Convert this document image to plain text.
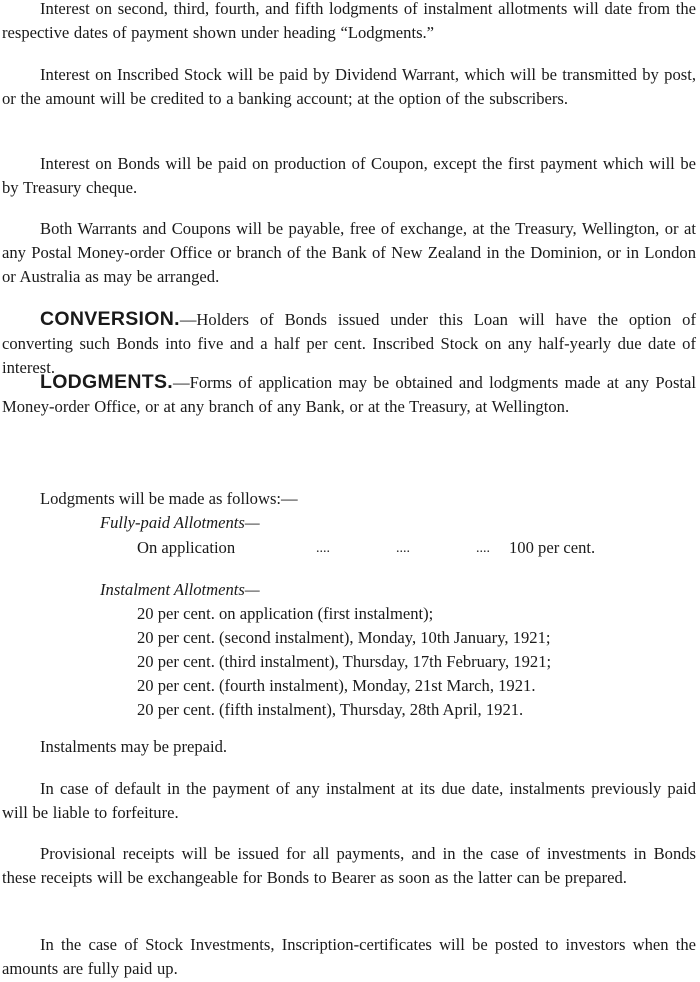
Interest on second, third, fourth, and fifth lodgments of instalment allotments will date from the respective dates of payment shown under heading “Lodgments.”

Interest on Inscribed Stock will be paid by Dividend Warrant, which will be transmitted by post, or the amount will be credited to a banking account; at the option of the subscribers.

Interest on Bonds will be paid on production of Coupon, except the first payment which will be by Treasury cheque.

Both Warrants and Coupons will be payable, free of exchange, at the Treasury, Wellington, or at any Postal Money-order Office or branch of the Bank of New Zealand in the Dominion, or in London or Australia as may be arranged.

CONVERSION.—Holders of Bonds issued under this Loan will have the option of converting such Bonds into five and a half per cent. Inscribed Stock on any half-yearly due date of interest.

LODGMENTS.—Forms of application may be obtained and lodgments made at any Postal Money-order Office, or at any branch of any Bank, or at the Treasury, at Wellington.

Lodgments will be made as follows:—
Fully-paid Allotments—
On application	....	....	.... 100 per cent.
Instalment Allotments—
20 per cent. on application (first instalment);
20 per cent. (second instalment), Monday, 10th January, 1921;
20 per cent. (third instalment), Thursday, 17th February, 1921;
20 per cent. (fourth instalment), Monday, 21st March, 1921.
20 per cent. (fifth instalment), Thursday, 28th April, 1921.
Instalments may be prepaid.

In case of default in the payment of any instalment at its due date, instalments previously paid will be liable to forfeiture.

Provisional receipts will be issued for all payments, and in the case of investments in Bonds these receipts will be exchangeable for Bonds to Bearer as soon as the latter can be prepared.

In the case of Stock Investments, Inscription-certificates will be posted to investors when the amounts are fully paid up.
